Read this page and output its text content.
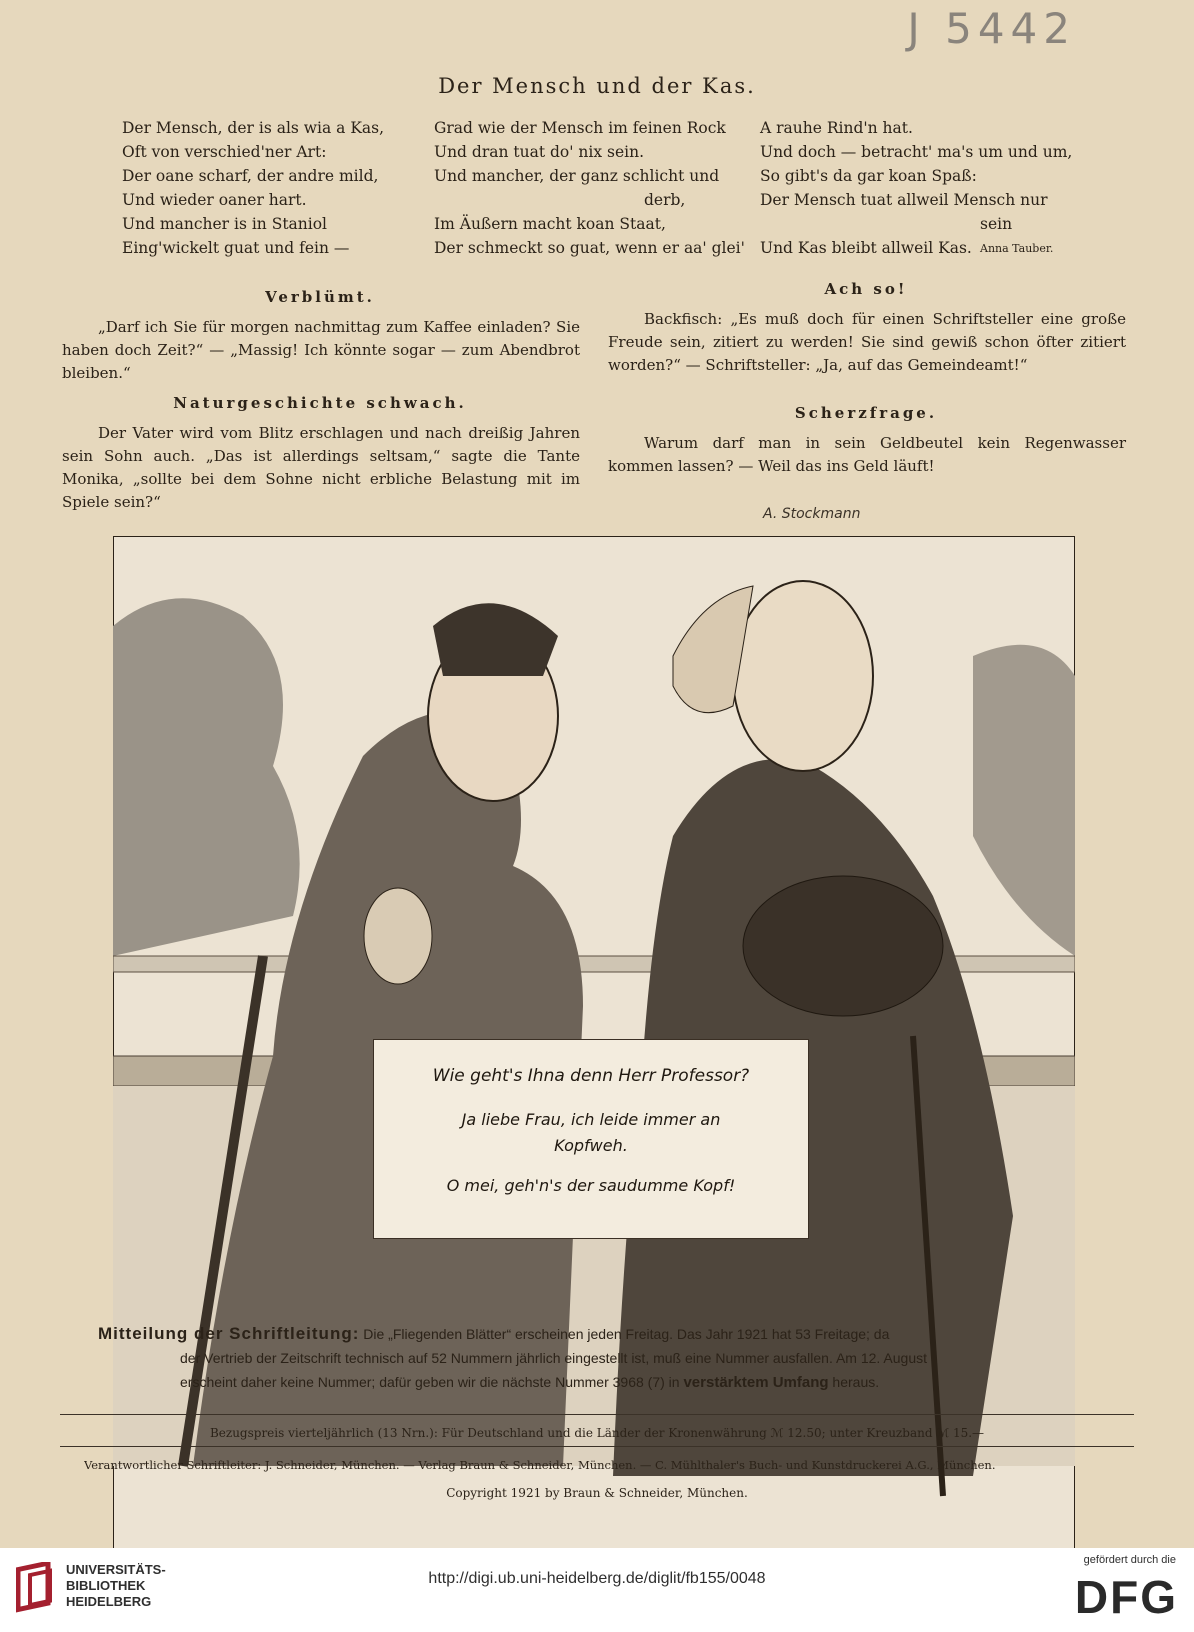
J 5442
Der Mensch und der Kas.
Der Mensch, der is als wia a Kas,
Oft von verschied'ner Art:
Der oane scharf, der andre mild,
Und wieder oaner hart.
Und mancher is in Staniol
Eing'wickelt guat und fein —
Grad wie der Mensch im feinen Rock
Und dran tuat do' nix sein.
Und mancher, der ganz schlicht und
derb,
Im Äußern macht koan Staat,
Der schmeckt so guat, wenn er aa' glei'
A rauhe Rind'n hat.
Und doch — betracht' ma's um und um,
So gibt's da gar koan Spaß:
Der Mensch tuat allweil Mensch nur
sein
Und Kas bleibt allweil Kas. Anna Tauber.
Verblümt.
„Darf ich Sie für morgen nachmittag zum Kaffee einladen? Sie haben doch Zeit?“ — „Massig! Ich könnte sogar — zum Abendbrot bleiben.“
Naturgeschichte schwach.
Der Vater wird vom Blitz erschlagen und nach dreißig Jahren sein Sohn auch. „Das ist allerdings seltsam,“ sagte die Tante Monika, „sollte bei dem Sohne nicht erbliche Belastung mit im Spiele sein?“
Ach so!
Backfisch: „Es muß doch für einen Schriftsteller eine große Freude sein, zitiert zu werden! Sie sind gewiß schon öfter zitiert worden?“ — Schriftsteller: „Ja, auf das Gemeindeamt!“
Scherzfrage.
Warum darf man in sein Geldbeutel kein Regenwasser kommen lassen? — Weil das ins Geld läuft!
A. Stockmann
Wie geht's Ihna denn Herr Professor?
Ja liebe Frau, ich leide immer an
Kopfweh.
O mei, geh'n's der saudumme Kopf!
UNIVERSITÄTS-
BIBLIOTHEK
HEIDELBERG
http://digi.ub.uni-heidelberg.de/diglit/fb155/0048
gefördert durch die
DFG
Mitteilung der Schriftleitung: Die „Fliegenden Blätter“ erscheinen jeden Freitag. Das Jahr 1921 hat 53 Freitage; da
der Vertrieb der Zeitschrift technisch auf 52 Nummern jährlich eingestellt ist, muß eine Nummer ausfallen. Am 12. August
erscheint daher keine Nummer; dafür geben wir die nächste Nummer 3968 (7) in verstärktem Umfang heraus.
Bezugspreis vierteljährlich (13 Nrn.): Für Deutschland und die Länder der Kronenwährung ℳ 12.50; unter Kreuzband ℳ 15.—
Verantwortlicher Schriftleiter: J. Schneider, München. — Verlag Braun & Schneider, München. — C. Mühlthaler's Buch- und Kunstdruckerei A.G., München.
Copyright 1921 by Braun & Schneider, München.
